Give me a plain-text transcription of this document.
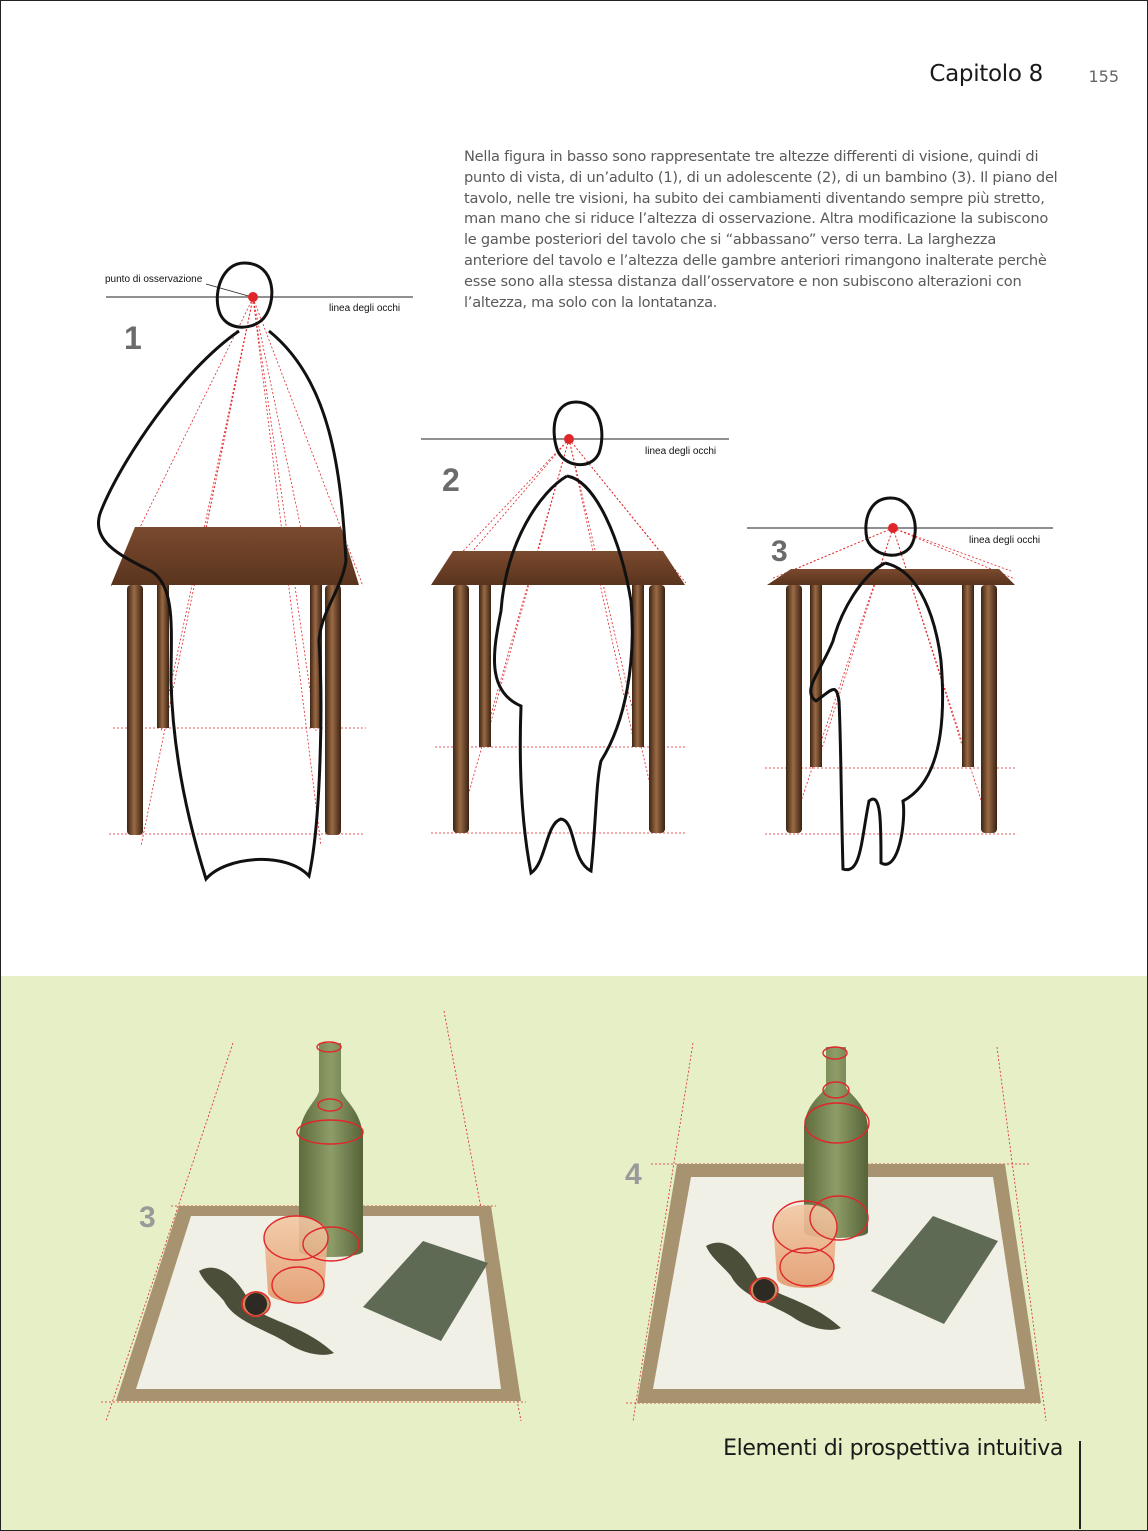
Capitolo 8	155

Nella figura in basso sono rappresentate tre altezze differenti di visione, quindi di punto di vista, di un’adulto (1), di un adolescente (2), di un bambino (3). Il piano del tavolo, nelle tre visioni, ha subito dei cambiamenti diventando sempre più stretto, man mano che si riduce l’altezza di osservazione. Altra modificazione la subiscono le gambe posteriori del tavolo che si “abbassano” verso terra. La larghezza anteriore del tavolo e l’altezza delle gambre anteriori rimangono inalterate perchè esse sono alla stessa distanza dall’osservatore e non subiscono alterazioni con l’altezza, ma solo con la lontatanza.

3
4
punto di osservazione
linea degli occhi
linea degli occhi
linea degli occhi
1
2
3
Elementi di prospettiva intuitiva
